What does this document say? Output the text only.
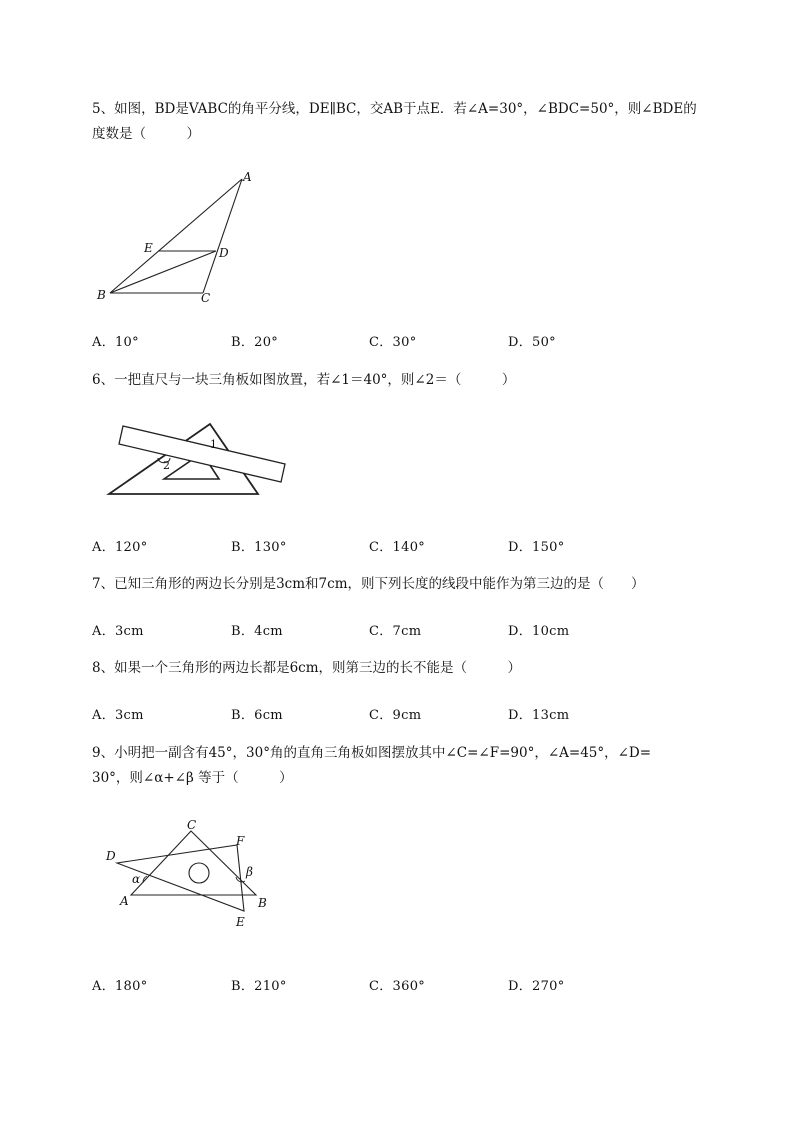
5、如图，BD是VABC的角平分线，DE∥BC，交AB于点E．若∠A=30°，∠BDC=50°，则∠BDE的
度数是（　　　）
A
B	C
D
E
A．10°	B．20°	C．30°	D．50°
6、一把直尺与一块三角板如图放置，若∠1＝40°，则∠2＝（　　　）
1
2
A．120°	B．130°	C．140°	D．150°
7、已知三角形的两边长分别是3cm和7cm，则下列长度的线段中能作为第三边的是（　　）
A．3cm	B．4cm	C．7cm	D．10cm
8、如果一个三角形的两边长都是6cm，则第三边的长不能是（　　　）
A．3cm	B．6cm	C．9cm	D．13cm
9、小明把一副含有45°，30°角的直角三角板如图摆放其中∠C=∠F=90°，∠A=45°，∠D=
30°，则∠α+∠β 等于（　　　）
C
F
D
A	B
E
α	β
A．180°	B．210°	C．360°	D．270°
